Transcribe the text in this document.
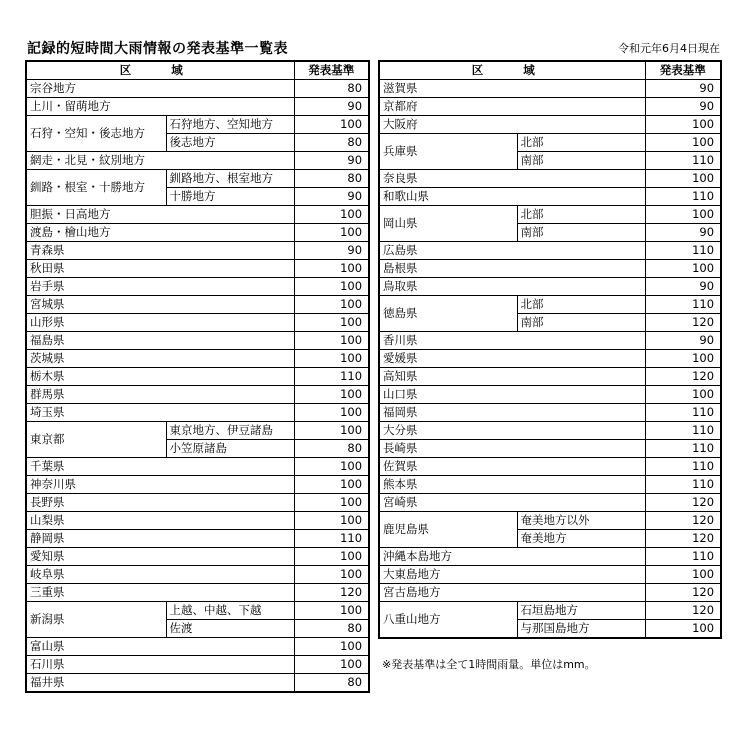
記録的短時間大雨情報の発表基準一覧表	令和元年6月4日現在
区 域		発表基準
宗谷地方		80
上川・留萌地方		90
石狩・空知・後志地方	石狩地方、空知地方	100
	後志地方	80
網走・北見・紋別地方		90
釧路・根室・十勝地方	釧路地方、根室地方	80
	十勝地方	90
胆振・日高地方		100
渡島・檜山地方		100
青森県		90
秋田県		100
岩手県		100
宮城県		100
山形県		100
福島県		100
茨城県		100
栃木県		110
群馬県		100
埼玉県		100
東京都	東京地方、伊豆諸島	100
	小笠原諸島	80
千葉県		100
神奈川県		100
長野県		100
山梨県		100
静岡県		110
愛知県		100
岐阜県		100
三重県		120
新潟県	上越、中越、下越	100
	佐渡	80
富山県		100
石川県		100
福井県		80
区 域		発表基準
滋賀県		90
京都府		90
大阪府		100
兵庫県	北部	100
	南部	110
奈良県		100
和歌山県		110
岡山県	北部	100
	南部	90
広島県		110
島根県		100
鳥取県		90
徳島県	北部	110
	南部	120
香川県		90
愛媛県		100
高知県		120
山口県		100
福岡県		110
大分県		110
長崎県		110
佐賀県		110
熊本県		110
宮崎県		120
鹿児島県	奄美地方以外	120
	奄美地方	120
沖縄本島地方		110
大東島地方		100
宮古島地方		120
八重山地方	石垣島地方	120
	与那国島地方	100
※発表基準は全て1時間雨量。単位はmm。
